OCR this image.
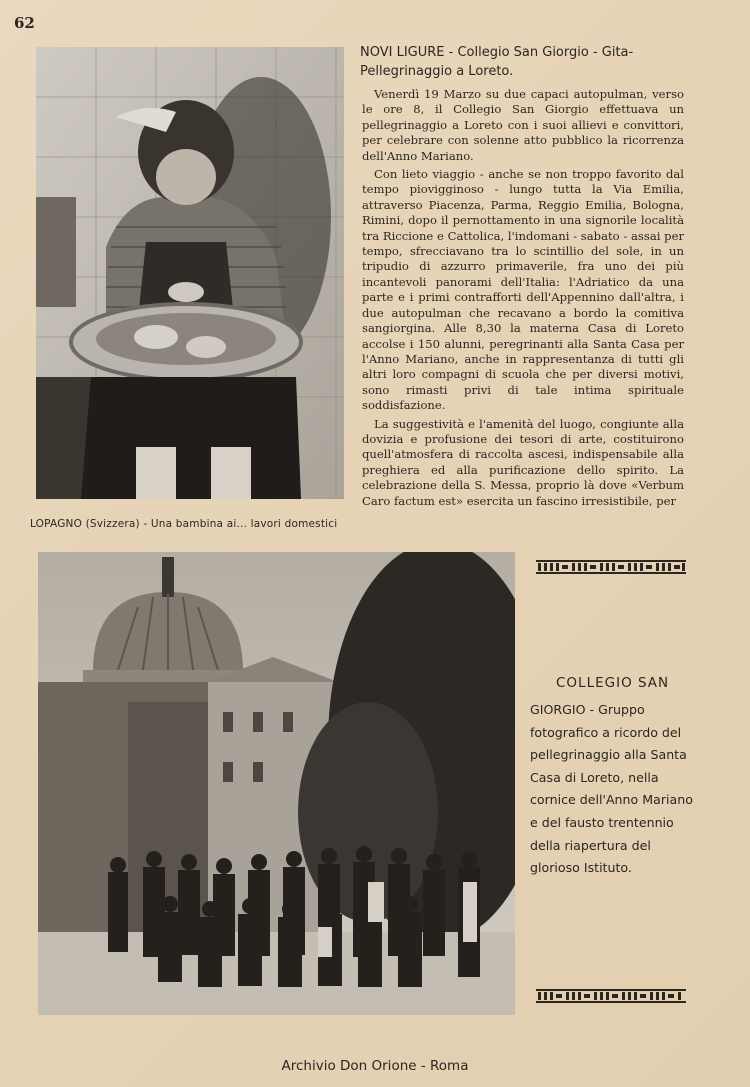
62
LOPAGNO (Svizzera) - Una bambina ai... lavori domestici
NOVI LIGURE - Collegio San Giorgio - Gita-
Pellegrinaggio a Loreto.

Venerdì 19 Marzo su due capaci autopulman, verso le ore 8, il Collegio San Giorgio effettuava un pellegrinaggio a Loreto con i suoi allievi e convittori, per celebrare con solenne atto pubblico la ricorrenza dell'Anno Mariano.

Con lieto viaggio - anche se non troppo favorito dal tempo piovigginoso - lungo tutta la Via Emilia, attraverso Piacenza, Parma, Reggio Emilia, Bologna, Rimini, dopo il pernottamento in una signorile località tra Riccione e Cattolica, l'indomani - sabato - assai per tempo, sfrecciavano tra lo scintillio del sole, in un tripudio di azzurro primaverile, fra uno dei più incantevoli panorami dell'Italia: l'Adriatico da una parte e i primi contrafforti dell'Appennino dall'altra, i due autopulman che recavano a bordo la comitiva sangiorgina. Alle 8,30 la materna Casa di Loreto accolse i 150 alunni, peregrinanti alla Santa Casa per l'Anno Mariano, anche in rappresentanza di tutti gli altri loro compagni di scuola che per diversi motivi, sono rimasti privi di tale intima spirituale soddisfazione.

La suggestività e l'amenità del luogo, congiunte alla dovizia e profusione dei tesori di arte, costituirono quell'atmosfera di raccolta ascesi, indispensabile alla preghiera ed alla purificazione dello spirito. La celebrazione della S. Messa, proprio là dove «Verbum Caro factum est» esercita un fascino irresistibile, per

COLLEGIO SAN
GIORGIO - Gruppo fotografico a ricordo del pellegrinaggio alla Santa Casa di Loreto, nella cornice dell'Anno Mariano e del fausto trentennio della riapertura del glorioso Istituto.
Archivio Don Orione - Roma
